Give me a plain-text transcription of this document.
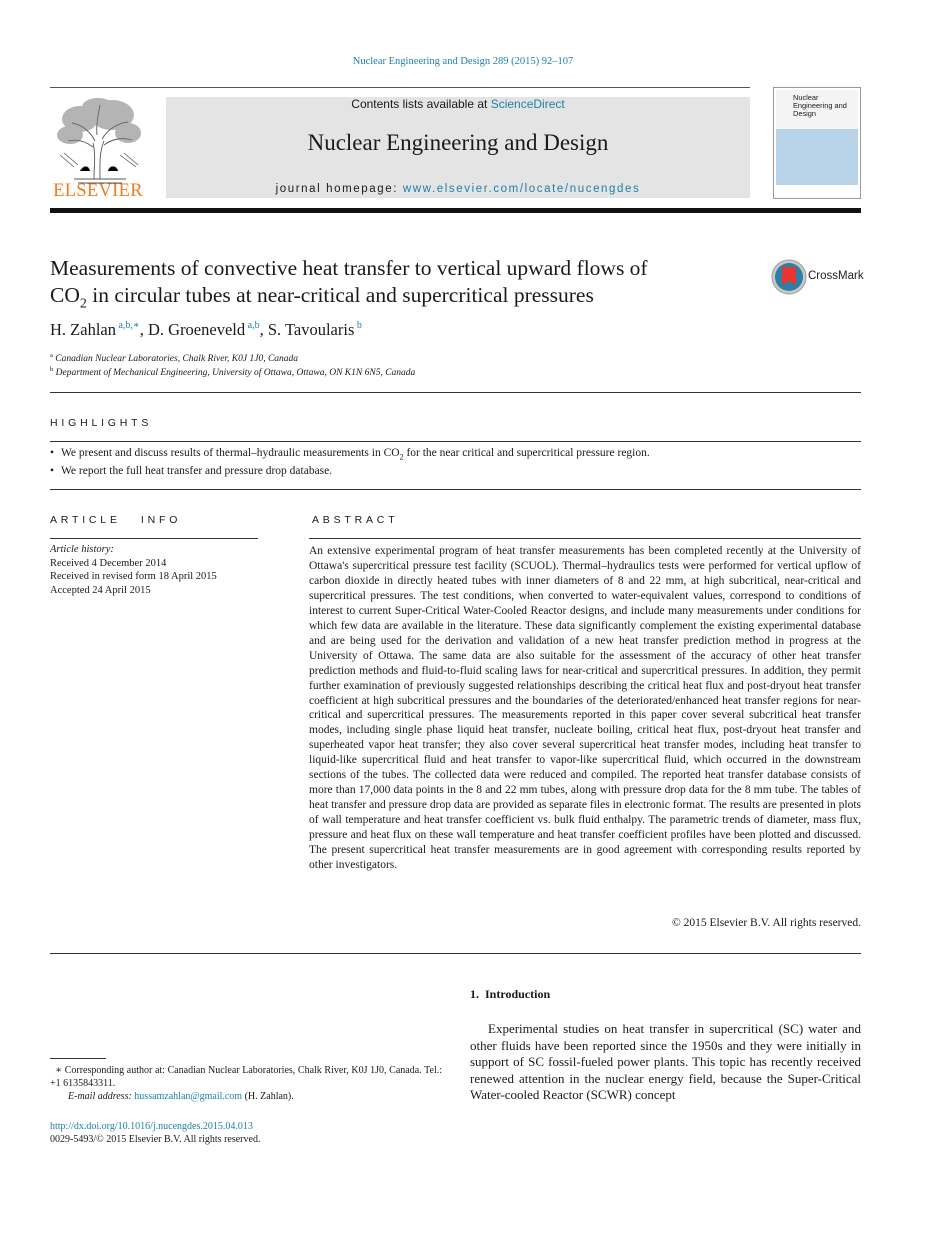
Nuclear Engineering and Design 289 (2015) 92–107
ELSEVIER
Contents lists available at ScienceDirect
Nuclear Engineering and Design
journal homepage: www.elsevier.com/locate/nucengdes
Nuclear Engineering and Design
Measurements of convective heat transfer to vertical upward flows of
$CO_2$ in circular tubes at near-critical and supercritical pressures
CrossMark
H. Zahlan $^{a,b,∗}$, D. Groeneveld $^{a,b}$, S. Tavoularis $^b$
$^a$ Canadian Nuclear Laboratories, Chalk River, K0J 1J0, Canada
$^b$ Department of Mechanical Engineering, University of Ottawa, Ottawa, ON K1N 6N5, Canada
HIGHLIGHTS
• We present and discuss results of thermal–hydraulic measurements in $CO_2$ for the near critical and supercritical pressure region.
• We report the full heat transfer and pressure drop database.
ARTICLE   INFO
Article history:
Received 4 December 2014
Received in revised form 18 April 2015
Accepted 24 April 2015
ABSTRACT
An extensive experimental program of heat transfer measurements has been completed recently at the University of Ottawa's supercritical pressure test facility (SCUOL). Thermal–hydraulics tests were performed for vertical upflow of carbon dioxide in directly heated tubes with inner diameters of 8 and 22 mm, at high subcritical, near-critical and supercritical pressures. The test conditions, when converted to water-equivalent values, correspond to conditions of interest to current Super-Critical Water-Cooled Reactor designs, and include many measurements under conditions for which few data are available in the literature. These data significantly complement the existing experimental database and are being used for the derivation and validation of a new heat transfer prediction method in progress at the University of Ottawa. The same data are also suitable for the assessment of the accuracy of other heat transfer prediction methods and fluid-to-fluid scaling laws for near-critical and supercritical pressures. In addition, they permit further examination of previously suggested relationships describing the critical heat flux and post-dryout heat transfer coefficient at high subcritical pressures and the boundaries of the deteriorated/enhanced heat transfer regions for near-critical and supercritical pressures. The measurements reported in this paper cover several subcritical heat transfer modes, including single phase liquid heat transfer, nucleate boiling, critical heat flux, post-dryout heat transfer and superheated vapor heat transfer; they also cover several supercritical heat transfer modes, including heat transfer to liquid-like supercritical fluid and heat transfer to vapor-like supercritical fluid, which occurred in the downstream sections of the tubes. The collected data were reduced and compiled. The reported heat transfer database consists of more than 17,000 data points in the 8 and 22 mm tubes, along with pressure drop data for the 8 mm tube. The tables of heat transfer and pressure drop data are provided as separate files in electronic format. The results are presented in plots of wall temperature and heat transfer coefficient vs. bulk fluid enthalpy. The parametric trends of diameter, mass flux, pressure and heat flux on these wall temperature and heat transfer coefficient profiles have been plotted and discussed. The present supercritical heat transfer measurements are in good agreement with corresponding results reported by other investigators.
© 2015 Elsevier B.V. All rights reserved.
1.  Introduction
Experimental studies on heat transfer in supercritical (SC) water and other fluids have been reported since the 1950s and they were initially in support of SC fossil-fueled power plants. This topic has recently received renewed attention in the nuclear energy field, because the Super-Critical Water-cooled Reactor (SCWR) concept
∗ Corresponding author at: Canadian Nuclear Laboratories, Chalk River, K0J 1J0, Canada. Tel.: +1 6135843311.
E-mail address: hussamzahlan@gmail.com (H. Zahlan).
http://dx.doi.org/10.1016/j.nucengdes.2015.04.013
0029-5493/© 2015 Elsevier B.V. All rights reserved.
